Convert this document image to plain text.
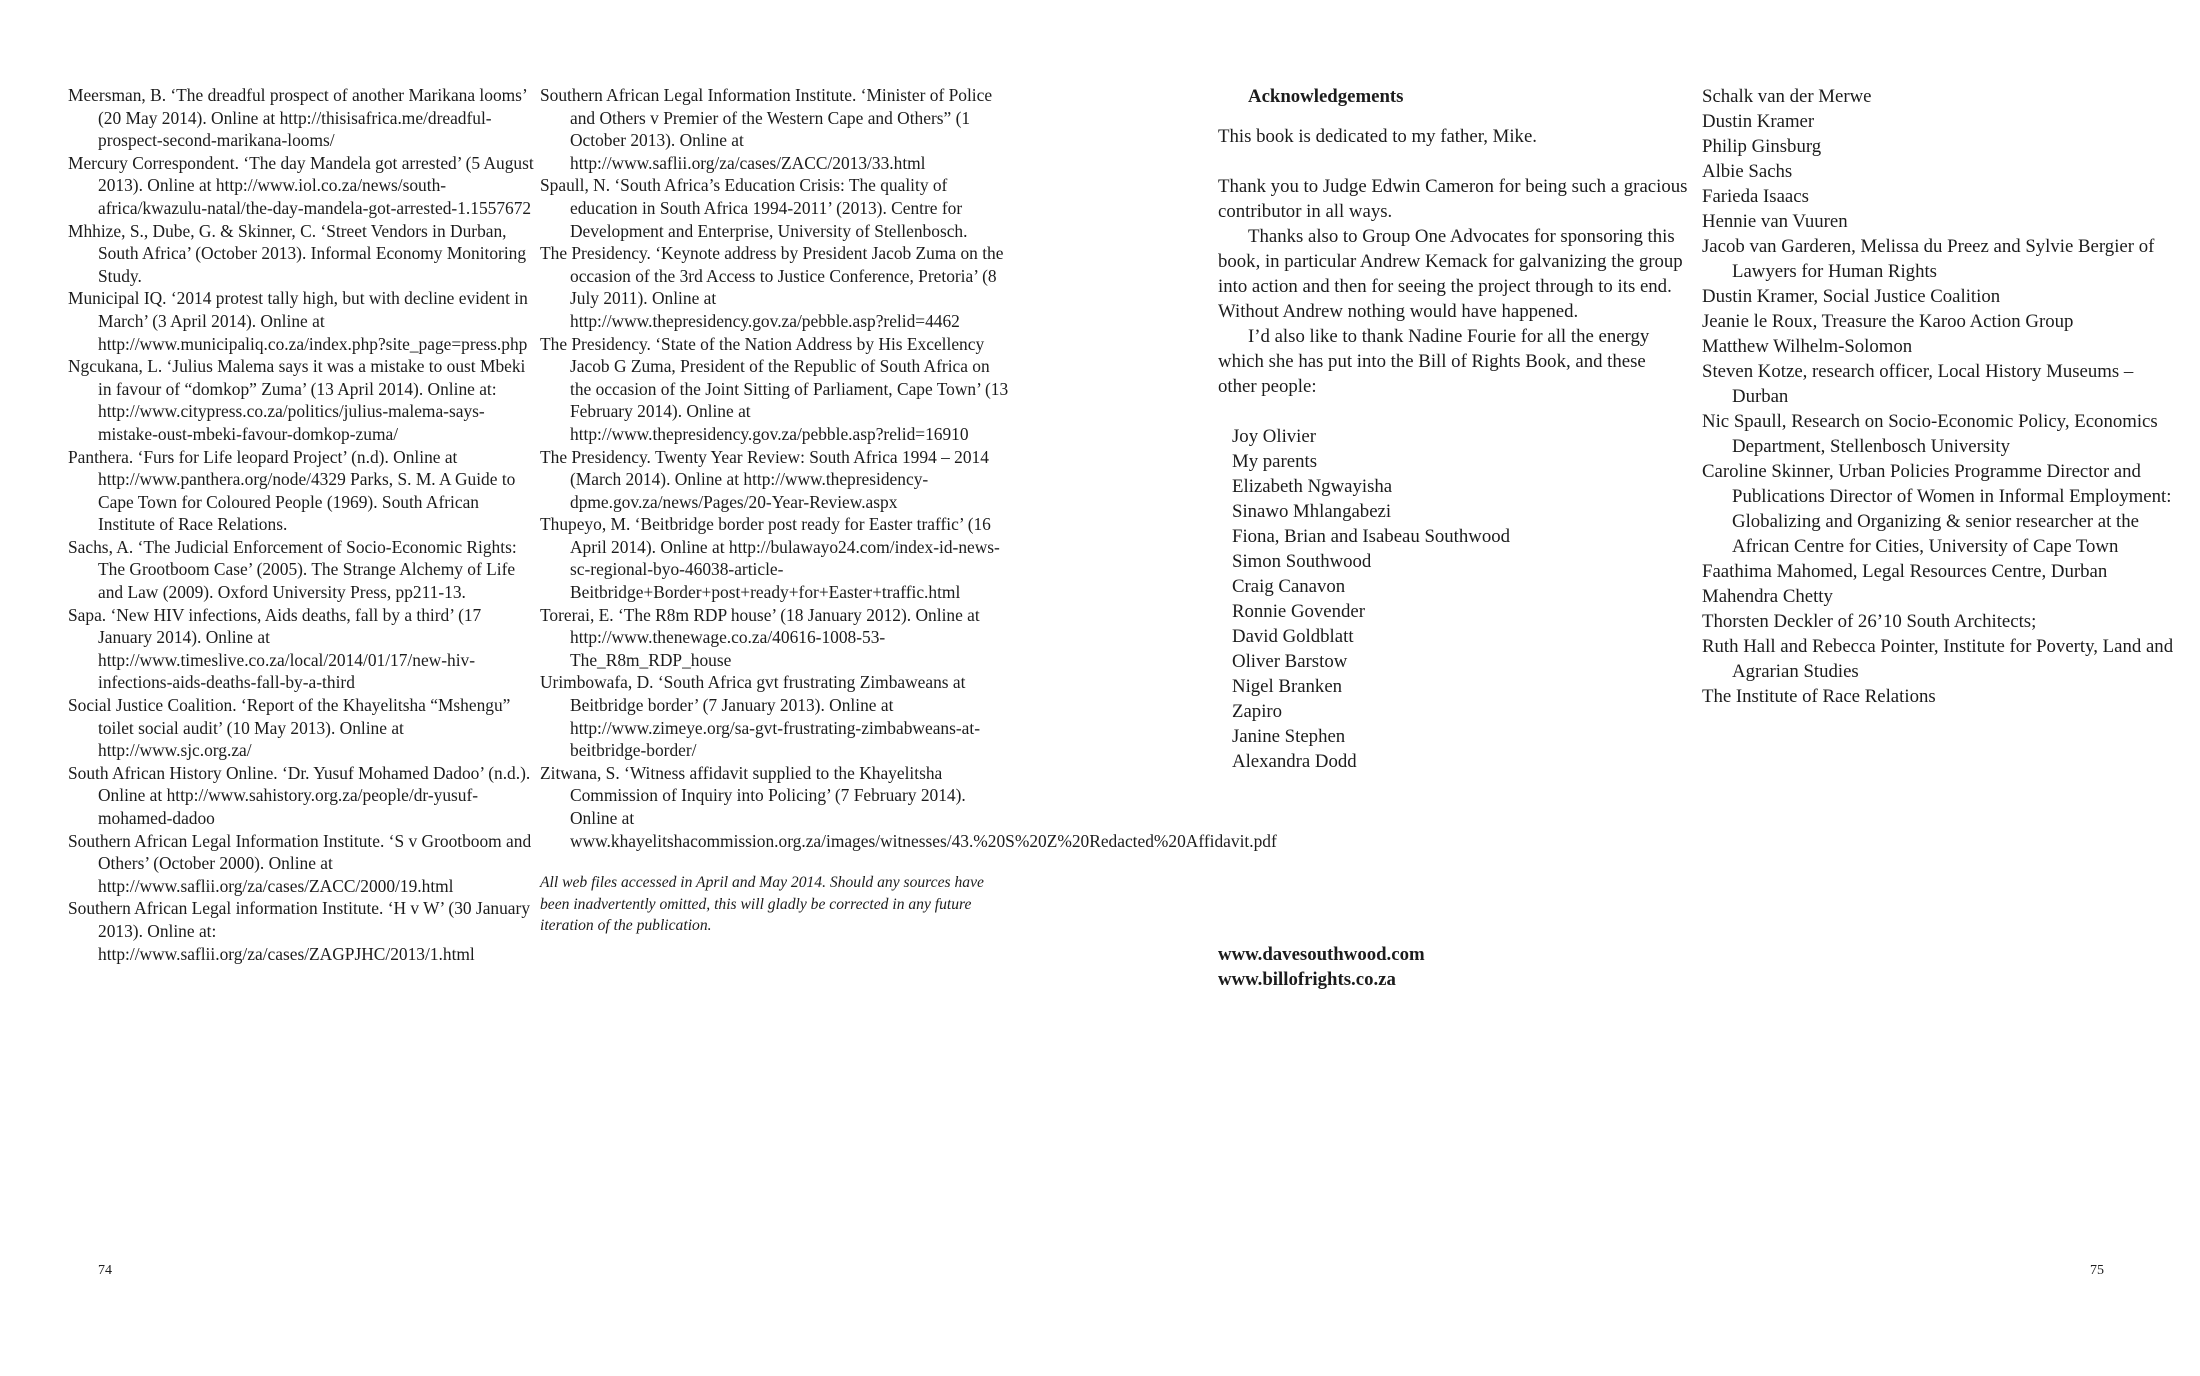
Meersman, B. ‘The dreadful prospect of another Marikana looms’ (20 May 2014). Online at http://thisisafrica.me/dreadful-prospect-second-marikana-looms/
Mercury Correspondent. ‘The day Mandela got arrested’ (5 August 2013). Online at http://www.iol.co.za/news/south-africa/kwazulu-natal/the-day-mandela-got-arrested-1.1557672
Mhhize, S., Dube, G. & Skinner, C. ‘Street Vendors in Durban, South Africa’ (October 2013). Informal Economy Monitoring Study.
Municipal IQ. ‘2014 protest tally high, but with decline evident in March’ (3 April 2014). Online at http://www.municipaliq.co.za/index.php?site_page=press.php
Ngcukana, L. ‘Julius Malema says it was a mistake to oust Mbeki in favour of “domkop” Zuma’ (13 April 2014). Online at: http://www.citypress.co.za/politics/julius-malema-says-mistake-oust-mbeki-favour-domkop-zuma/
Panthera. ‘Furs for Life leopard Project’ (n.d). Online at http://www.panthera.org/node/4329 Parks, S. M. A Guide to Cape Town for Coloured People (1969). South African Institute of Race Relations.
Sachs, A. ‘The Judicial Enforcement of Socio-Economic Rights: The Grootboom Case’ (2005). The Strange Alchemy of Life and Law (2009). Oxford University Press, pp211-13.
Sapa. ‘New HIV infections, Aids deaths, fall by a third’ (17 January 2014). Online at http://www.timeslive.co.za/local/2014/01/17/new-hiv-infections-aids-deaths-fall-by-a-third
Social Justice Coalition. ‘Report of the Khayelitsha “Mshengu” toilet social audit’ (10 May 2013). Online at http://www.sjc.org.za/
South African History Online. ‘Dr. Yusuf Mohamed Dadoo’ (n.d.). Online at http://www.sahistory.org.za/people/dr-yusuf-mohamed-dadoo
Southern African Legal Information Institute. ‘S v Grootboom and Others’ (October 2000). Online at http://www.saflii.org/za/cases/ZACC/2000/19.html
Southern African Legal information Institute. ‘H v W’ (30 January 2013). Online at: http://www.saflii.org/za/cases/ZAGPJHC/2013/1.html
Southern African Legal Information Institute. ‘Minister of Police and Others v Premier of the Western Cape and Others” (1 October 2013). Online at http://www.saflii.org/za/cases/ZACC/2013/33.html
Spaull, N. ‘South Africa’s Education Crisis: The quality of education in South Africa 1994-2011’ (2013). Centre for Development and Enterprise, University of Stellenbosch.
The Presidency. ‘Keynote address by President Jacob Zuma on the occasion of the 3rd Access to Justice Conference, Pretoria’ (8 July 2011). Online at http://www.thepresidency.gov.za/pebble.asp?relid=4462
The Presidency. ‘State of the Nation Address by His Excellency Jacob G Zuma, President of the Republic of South Africa on the occasion of the Joint Sitting of Parliament, Cape Town’ (13 February 2014). Online at http://www.thepresidency.gov.za/pebble.asp?relid=16910
The Presidency. Twenty Year Review: South Africa 1994 – 2014 (March 2014). Online at http://www.thepresidency-dpme.gov.za/news/Pages/20-Year-Review.aspx
Thupeyo, M. ‘Beitbridge border post ready for Easter traffic’ (16 April 2014). Online at http://bulawayo24.com/index-id-news-sc-regional-byo-46038-article-Beitbridge+Border+post+ready+for+Easter+traffic.html
Torerai, E. ‘The R8m RDP house’ (18 January 2012). Online at http://www.thenewage.co.za/40616-1008-53-The_R8m_RDP_house
Urimbowafa, D. ‘South Africa gvt frustrating Zimbaweans at Beitbridge border’ (7 January 2013). Online at http://www.zimeye.org/sa-gvt-frustrating-zimbabweans-at-beitbridge-border/
Zitwana, S. ‘Witness affidavit supplied to the Khayelitsha Commission of Inquiry into Policing’ (7 February 2014). Online at www.khayelitshacommission.org.za/images/witnesses/43.%20S%20Z%20Redacted%20Affidavit.pdf
All web files accessed in April and May 2014. Should any sources have been inadvertently omitted, this will gladly be corrected in any future iteration of the publication.
74
Acknowledgements
This book is dedicated to my father, Mike.
Thank you to Judge Edwin Cameron for being such a gracious contributor in all ways.
Thanks also to Group One Advocates for sponsoring this book, in particular Andrew Kemack for galvanizing the group into action and then for seeing the project through to its end. Without Andrew nothing would have happened.
I’d also like to thank Nadine Fourie for all the energy which she has put into the Bill of Rights Book, and these other people:
Joy Olivier
My parents
Elizabeth Ngwayisha
Sinawo Mhlangabezi
Fiona, Brian and Isabeau Southwood
Simon Southwood
Craig Canavon
Ronnie Govender
David Goldblatt
Oliver Barstow
Nigel Branken
Zapiro
Janine Stephen
Alexandra Dodd
www.davesouthwood.com
www.billofrights.co.za
Schalk van der Merwe
Dustin Kramer
Philip Ginsburg
Albie Sachs
Farieda Isaacs
Hennie van Vuuren
Jacob van Garderen, Melissa du Preez and Sylvie Bergier of Lawyers for Human Rights
Dustin Kramer, Social Justice Coalition
Jeanie le Roux, Treasure the Karoo Action Group
Matthew Wilhelm-Solomon
Steven Kotze, research officer, Local History Museums – Durban
Nic Spaull, Research on Socio-Economic Policy, Economics Department, Stellenbosch University
Caroline Skinner, Urban Policies Programme Director and Publications Director of Women in Informal Employment: Globalizing and Organizing & senior researcher at the African Centre for Cities, University of Cape Town
Faathima Mahomed, Legal Resources Centre, Durban
Mahendra Chetty
Thorsten Deckler of 26’10 South Architects;
Ruth Hall and Rebecca Pointer, Institute for Poverty, Land and Agrarian Studies
The Institute of Race Relations
75
